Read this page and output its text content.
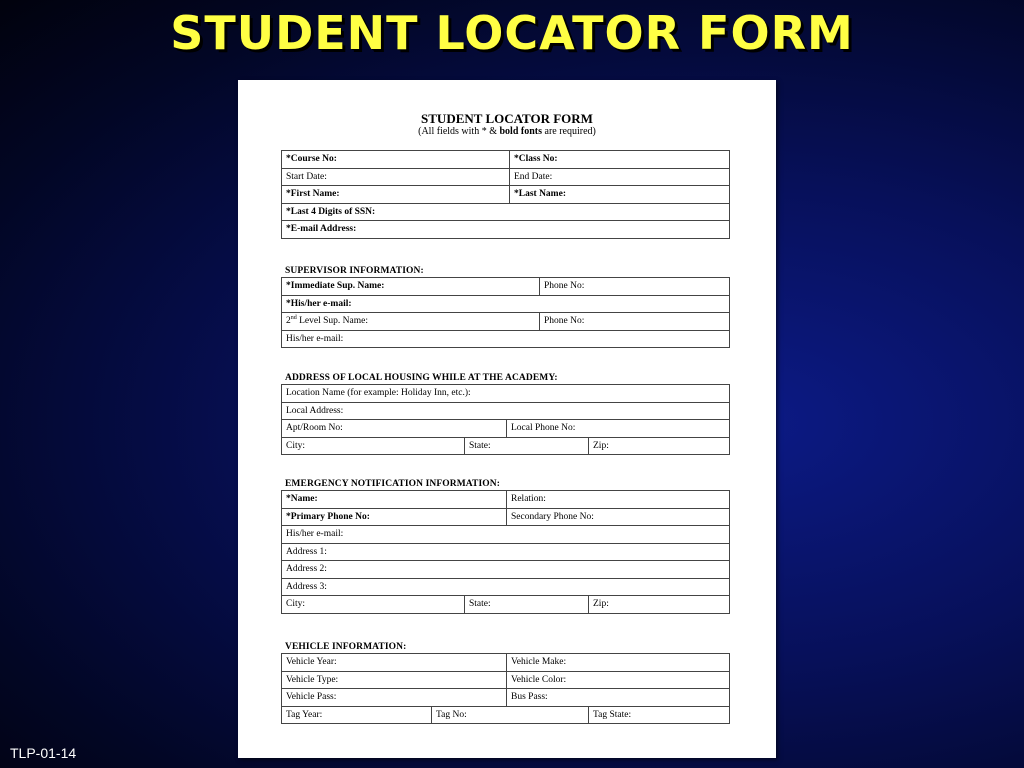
STUDENT LOCATOR FORM
STUDENT LOCATOR FORM
(All fields with * & bold fonts are required)
*Course No:	*Class No:
Start Date:	End Date:
*First Name:	*Last Name:
*Last 4 Digits of SSN:	
*E-mail Address:	
SUPERVISOR INFORMATION:
*Immediate Sup. Name:	Phone No:
*His/her e-mail:	
2nd Level Sup. Name:	Phone No:
His/her e-mail:	
ADDRESS OF LOCAL HOUSING WHILE AT THE ACADEMY:
Location Name (for example: Holiday Inn, etc.):			
Local Address:			
Apt/Room No:		Local Phone No:	
City:	State:		Zip:
EMERGENCY NOTIFICATION INFORMATION:
*Name:		Relation:	
*Primary Phone No:		Secondary Phone No:	
His/her e-mail:			
Address 1:			
Address 2:			
Address 3:			
City:	State:		Zip:
VEHICLE INFORMATION:
Vehicle Year:		Vehicle Make:	
Vehicle Type:		Vehicle Color:	
Vehicle Pass:		Bus Pass:	
Tag Year:	Tag No:		Tag State:
TLP-01-14
